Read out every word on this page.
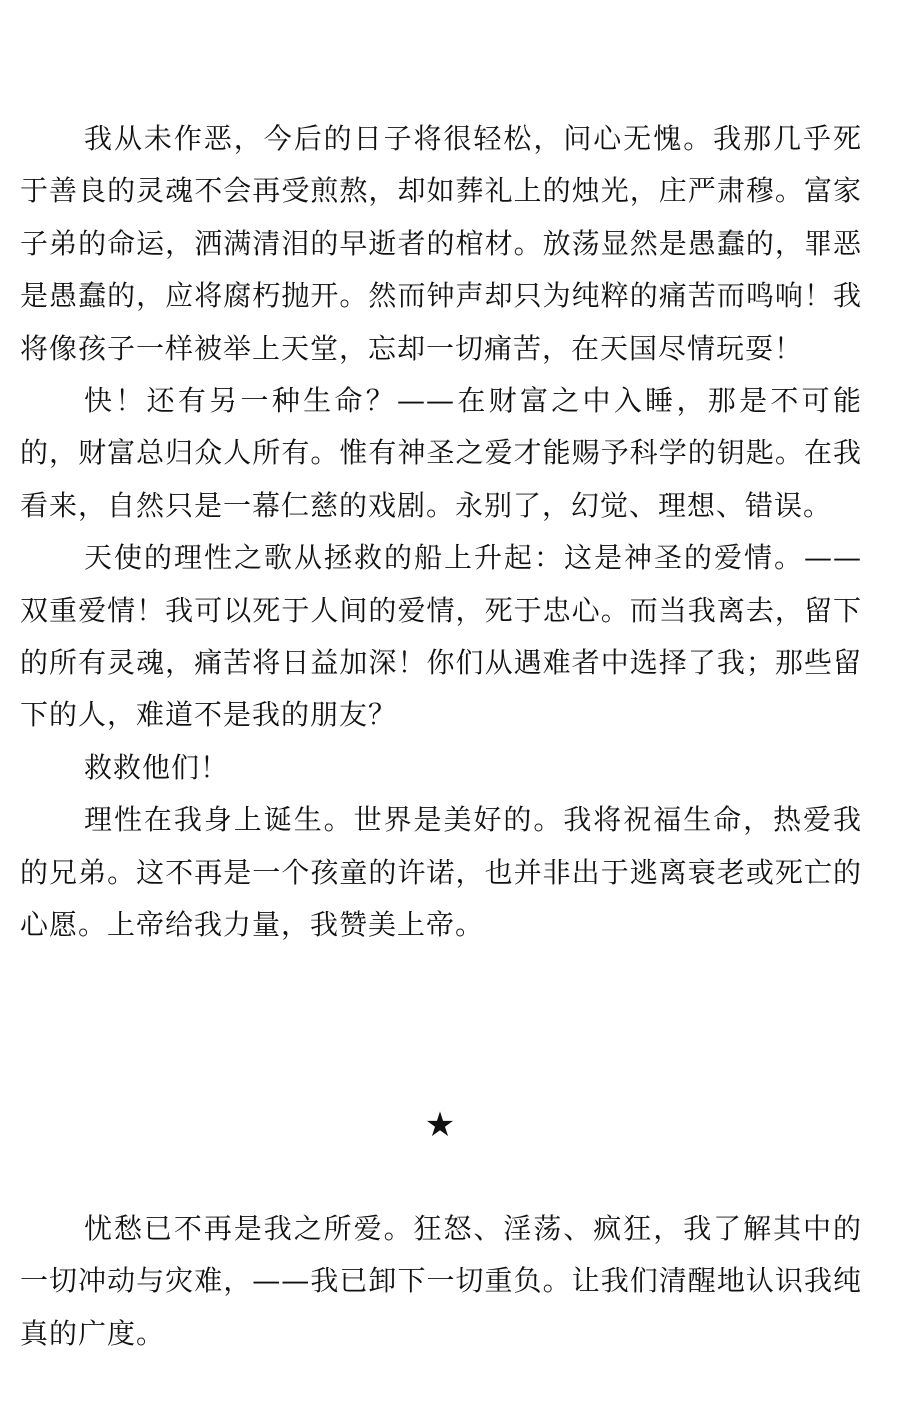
我从未作恶，今后的日子将很轻松，问心无愧。我那几乎死于善良的灵魂不会再受煎熬，却如葬礼上的烛光，庄严肃穆。富家子弟的命运，洒满清泪的早逝者的棺材。放荡显然是愚蠢的，罪恶是愚蠢的，应将腐朽抛开。然而钟声却只为纯粹的痛苦而鸣响！我将像孩子一样被举上天堂，忘却一切痛苦，在天国尽情玩耍！

快！还有另一种生命？——在财富之中入睡，那是不可能的，财富总归众人所有。惟有神圣之爱才能赐予科学的钥匙。在我看来，自然只是一幕仁慈的戏剧。永别了，幻觉、理想、错误。

天使的理性之歌从拯救的船上升起：这是神圣的爱情。——双重爱情！我可以死于人间的爱情，死于忠心。而当我离去，留下的所有灵魂，痛苦将日益加深！你们从遇难者中选择了我；那些留下的人，难道不是我的朋友？

救救他们！

理性在我身上诞生。世界是美好的。我将祝福生命，热爱我的兄弟。这不再是一个孩童的许诺，也并非出于逃离衰老或死亡的心愿。上帝给我力量，我赞美上帝。

★

忧愁已不再是我之所爱。狂怒、淫荡、疯狂，我了解其中的一切冲动与灾难，——我已卸下一切重负。让我们清醒地认识我纯真的广度。
